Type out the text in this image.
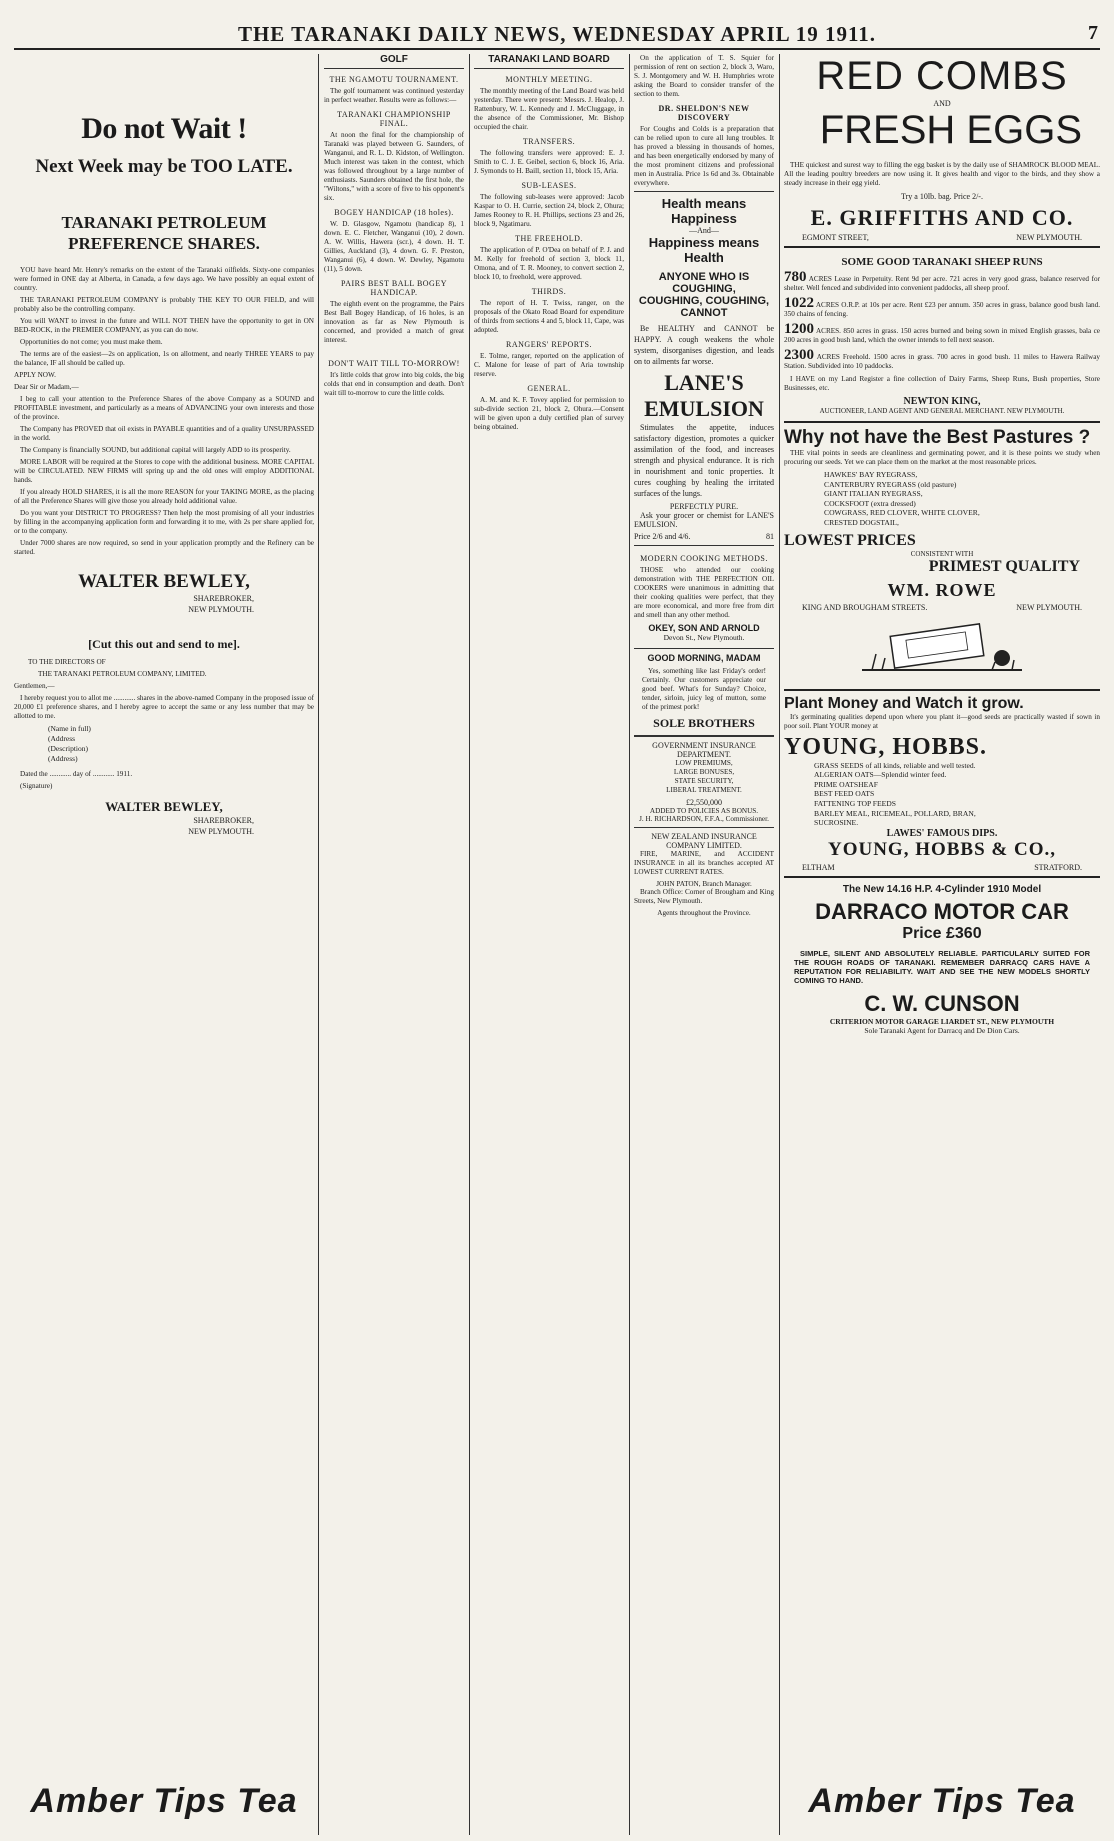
THE TARANAKI DAILY NEWS, WEDNESDAY APRIL 19 1911.	7
Do not Wait !
Next Week may be TOO LATE.
TARANAKI PETROLEUM PREFERENCE SHARES.

YOU have heard Mr. Henry's remarks on the extent of the Taranaki oilfields. Sixty-one companies were formed in ONE day at Alberta, in Canada, a few days ago. We have possibly an equal extent of country.

THE TARANAKI PETROLEUM COMPANY is probably THE KEY TO OUR FIELD, and will probably also be the controlling company.

You will WANT to invest in the future and WILL NOT THEN have the opportunity to get in ON BED-ROCK, in the PREMIER COMPANY, as you can do now.

Opportunities do not come; you must make them.

The terms are of the easiest—2s on application, 1s on allotment, and nearly THREE YEARS to pay the balance, IF all should be called up.

APPLY NOW.

Dear Sir or Madam,—

I beg to call your attention to the Preference Shares of the above Company as a SOUND and PROFITABLE investment, and particularly as a means of ADVANCING your own interests and those of the province.

The Company has PROVED that oil exists in PAYABLE quantities and of a quality UNSURPASSED in the world.

The Company is financially SOUND, but additional capital will largely ADD to its prosperity.

MORE LABOR will be required at the Stores to cope with the additional business. MORE CAPITAL will be CIRCULATED. NEW FIRMS will spring up and the old ones will employ ADDITIONAL hands.

If you already HOLD SHARES, it is all the more REASON for your TAKING MORE, as the placing of all the Preference Shares will give those you already hold additional value.

Do you want your DISTRICT TO PROGRESS? Then help the most promising of all your industries by filling in the accompanying application form and forwarding it to me, with 2s per share applied for, or to the company.

Under 7000 shares are now required, so send in your application promptly and the Refinery can be started.

WALTER BEWLEY,
SHAREBROKER,
NEW PLYMOUTH.
[Cut this out and send to me].
TO THE DIRECTORS OF
THE TARANAKI PETROLEUM COMPANY, LIMITED.
Gentlemen,—

I hereby request you to allot me ............ shares in the above-named Company in the proposed issue of 20,000 £1 preference shares, and I hereby agree to accept the same or any less number that may be allotted to me.

(Name in full)
(Address
(Description)
(Address)
Dated the ............ day of ............ 1911.
(Signature)
WALTER BEWLEY,
SHAREBROKER,
NEW PLYMOUTH.
Amber Tips Tea
GOLF
THE NGAMOTU TOURNAMENT.

The golf tournament was continued yesterday in perfect weather. Results were as follows:—

TARANAKI CHAMPIONSHIP FINAL.

At noon the final for the championship of Taranaki was played between G. Saunders, of Wanganui, and R. L. D. Kidston, of Wellington. Much interest was taken in the contest, which was followed throughout by a large number of enthusiasts. Saunders obtained the first hole, the "Wiltons," with a score of five to his opponent's six.

BOGEY HANDICAP (18 holes).

W. D. Glasgow, Ngamotu (handicap 8), 1 down. E. C. Fletcher, Wanganui (10), 2 down. A. W. Willis, Hawera (scr.), 4 down. H. T. Gillies, Auckland (3), 4 down. G. F. Preston, Wanganui (6), 4 down. W. Dewley, Ngamotu (11), 5 down.

PAIRS BEST BALL BOGEY HANDICAP.

The eighth event on the programme, the Pairs Best Ball Bogey Handicap, of 16 holes, is an innovation as far as New Plymouth is concerned, and provided a match of great interest.

DON'T WAIT TILL TO-MORROW!

It's little colds that grow into big colds, the big colds that end in consumption and death. Don't wait till to-morrow to cure the little colds.

TARANAKI LAND BOARD
MONTHLY MEETING.

The monthly meeting of the Land Board was held yesterday. There were present: Messrs. J. Healop, J. Rattenbury, W. L. Kennedy and J. McCluggage, in the absence of the Commissioner, Mr. Bishop occupied the chair.

TRANSFERS.

The following transfers were approved: E. J. Smith to C. J. E. Geibel, section 6, block 16, Aria. J. Symonds to H. Baill, section 11, block 15, Aria.

SUB-LEASES.

The following sub-leases were approved: Jacob Kaspar to O. H. Currie, section 24, block 2, Ohura; James Rooney to R. H. Phillips, sections 23 and 26, block 9, Ngatimaru.

THE FREEHOLD.

The application of P. O'Dea on behalf of P. J. and M. Kelly for freehold of section 3, block 11, Omona, and of T. R. Mooney, to convert section 2, block 10, to freehold, were approved.

THIRDS.

The report of H. T. Twiss, ranger, on the proposals of the Okato Road Board for expenditure of thirds from sections 4 and 5, block 11, Cape, was adopted.

RANGERS' REPORTS.

E. Tolme, ranger, reported on the application of C. Malone for lease of part of Aria township reserve.

GENERAL.

A. M. and K. F. Tovey applied for permission to sub-divide section 21, block 2, Ohura.—Consent will be given upon a duly certified plan of survey being obtained.

On the application of T. S. Squier for permission of rent on section 2, block 3, Waro, S. J. Montgomery and W. H. Humphries wrote asking the Board to consider transfer of the section to them.

DR. SHELDON'S NEW DISCOVERY

For Coughs and Colds is a preparation that can be relied upon to cure all lung troubles. It has proved a blessing in thousands of homes, and has been energetically endorsed by many of the most prominent citizens and professional men in Australia. Price 1s 6d and 3s. Obtainable everywhere.

Health means Happiness
—And—
Happiness means Health
ANYONE WHO IS COUGHING,
COUGHING, COUGHING,
CANNOT

Be HEALTHY and CANNOT be HAPPY. A cough weakens the whole system, disorganises digestion, and leads on to ailments far worse.

LANE'S
EMULSION

Stimulates the appetite, induces satisfactory digestion, promotes a quicker assimilation of the food, and increases strength and physical endurance. It is rich in nourishment and tonic properties. It cures coughing by healing the irritated surfaces of the lungs.

PERFECTLY PURE.

Ask your grocer or chemist for LANE'S EMULSION.

Price 2/6 and 4/6.	81
MODERN COOKING METHODS.

THOSE who attended our cooking demonstration with THE PERFECTION OIL COOKERS were unanimous in admitting that their cooking qualities were perfect, that they are more economical, and more free from dirt and smell than any other method.

OKEY, SON AND ARNOLD
Devon St., New Plymouth.
GOOD MORNING, MADAM

Yes, something like last Friday's order! Certainly. Our customers appreciate our good beef. What's for Sunday? Choice, tender, sirloin, juicy leg of mutton, some of the primest pork!

SOLE BROTHERS
GOVERNMENT INSURANCE
DEPARTMENT.
LOW PREMIUMS,
LARGE BONUSES,
STATE SECURITY,
LIBERAL TREATMENT.
£2,550,000
ADDED TO POLICIES AS BONUS.
J. H. RICHARDSON, F.F.A., Commissioner.
NEW ZEALAND INSURANCE
COMPANY LIMITED.

FIRE, MARINE, and ACCIDENT INSURANCE in all its branches accepted AT LOWEST CURRENT RATES.

JOHN PATON, Branch Manager.

Branch Office: Corner of Brougham and King Streets, New Plymouth.

Agents throughout the Province.
RED COMBS
AND
FRESH EGGS

THE quickest and surest way to filling the egg basket is by the daily use of SHAMROCK BLOOD MEAL. All the leading poultry breeders are now using it. It gives health and vigor to the birds, and they show a steady increase in their egg yield.

Try a 10lb. bag. Price 2/-.
E. GRIFFITHS AND CO.
EGMONT STREET,	NEW PLYMOUTH.
SOME GOOD TARANAKI SHEEP RUNS
780 ACRES Lease in Perpetuity. Rent 9d per acre. 721 acres in very good grass, balance reserved for shelter. Well fenced and subdivided into convenient paddocks, all sheep proof.
1022 ACRES O.R.P. at 10s per acre. Rent £23 per annum. 350 acres in grass, balance good bush land. 350 chains of fencing.
1200 ACRES. 850 acres in grass. 150 acres burned and being sown in mixed English grasses, bala ce 200 acres in good bush land, which the owner intends to fell next season.
2300 ACRES Freehold. 1500 acres in grass. 700 acres in good bush. 11 miles to Hawera Railway Station. Subdivided into 10 paddocks.

I HAVE on my Land Register a fine collection of Dairy Farms, Sheep Runs, Bush properties, Store Businesses, etc.

NEWTON KING,
AUCTIONEER, LAND AGENT AND GENERAL MERCHANT. NEW PLYMOUTH.
Why not have the Best Pastures ?

THE vital points in seeds are cleanliness and germinating power, and it is these points we study when procuring our seeds. Yet we can place them on the market at the most reasonable prices.

HAWKES' BAY RYEGRASS,
CANTERBURY RYEGRASS (old pasture)
GIANT ITALIAN RYEGRASS,
COCKSFOOT (extra dressed)
COWGRASS, RED CLOVER, WHITE CLOVER,
CRESTED DOGSTAIL,
LOWEST PRICES
CONSISTENT WITH
PRIMEST QUALITY
WM. ROWE
KING AND BROUGHAM STREETS.	NEW PLYMOUTH.
Plant Money and Watch it grow.

It's germinating qualities depend upon where you plant it—good seeds are practically wasted if sown in poor soil. Plant YOUR money at

YOUNG, HOBBS.
GRASS SEEDS of all kinds, reliable and well tested.
ALGERIAN OATS—Splendid winter feed.
PRIME OATSHEAF
BEST FEED OATS
FATTENING TOP FEEDS
BARLEY MEAL, RICEMEAL, POLLARD, BRAN,
SUCROSINE.
LAWES' FAMOUS DIPS.
YOUNG, HOBBS & CO.,
ELTHAM	STRATFORD.
The New 14.16 H.P. 4-Cylinder 1910 Model
DARRACO MOTOR CAR
Price £360

SIMPLE, SILENT AND ABSOLUTELY RELIABLE. PARTICULARLY SUITED FOR THE ROUGH ROADS OF TARANAKI. REMEMBER DARRACQ CARS HAVE A REPUTATION FOR RELIABILITY. WAIT AND SEE THE NEW MODELS SHORTLY COMING TO HAND.

C. W. CUNSON
CRITERION MOTOR GARAGE LIARDET ST., NEW PLYMOUTH
Sole Taranaki Agent for Darracq and De Dion Cars.
Amber Tips Tea
